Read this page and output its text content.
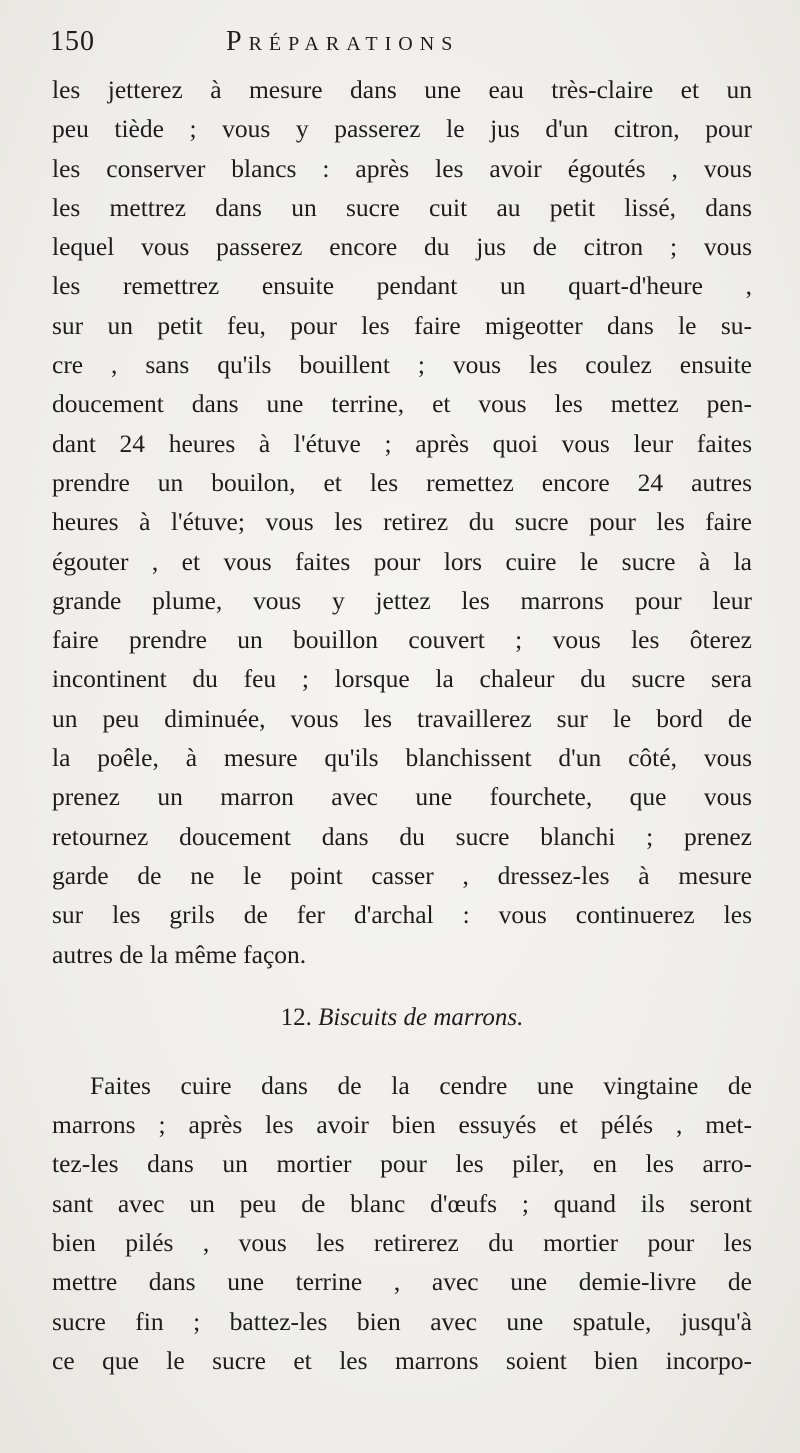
150	Préparations
les jetterez à mesure dans une eau très-claire et un
peu tiède ; vous y passerez le jus d'un citron, pour
les conserver blancs : après les avoir égoutés , vous
les mettrez dans un sucre cuit au petit lissé, dans
lequel vous passerez encore du jus de citron ; vous
les remettrez ensuite pendant un quart-d'heure ,
sur un petit feu, pour les faire migeotter dans le su-
cre , sans qu'ils bouillent ; vous les coulez ensuite
doucement dans une terrine, et vous les mettez pen-
dant 24 heures à l'étuve ; après quoi vous leur faites
prendre un bouilon, et les remettez encore 24 autres
heures à l'étuve; vous les retirez du sucre pour les faire
égouter , et vous faites pour lors cuire le sucre à la
grande plume, vous y jettez les marrons pour leur
faire prendre un bouillon couvert ; vous les ôterez
incontinent du feu ; lorsque la chaleur du sucre sera
un peu diminuée, vous les travaillerez sur le bord de
la poêle, à mesure qu'ils blanchissent d'un côté, vous
prenez un marron avec une fourchete, que vous
retournez doucement dans du sucre blanchi ; prenez
garde de ne le point casser , dressez-les à mesure
sur les grils de fer d'archal : vous continuerez les
autres de la même façon.
12. Biscuits de marrons.
Faites cuire dans de la cendre une vingtaine de
marrons ; après les avoir bien essuyés et pélés , met-
tez-les dans un mortier pour les piler, en les arro-
sant avec un peu de blanc d'œufs ; quand ils seront
bien pilés , vous les retirerez du mortier pour les
mettre dans une terrine , avec une demie-livre de
sucre fin ; battez-les bien avec une spatule, jusqu'à
ce que le sucre et les marrons soient bien incorpo-
